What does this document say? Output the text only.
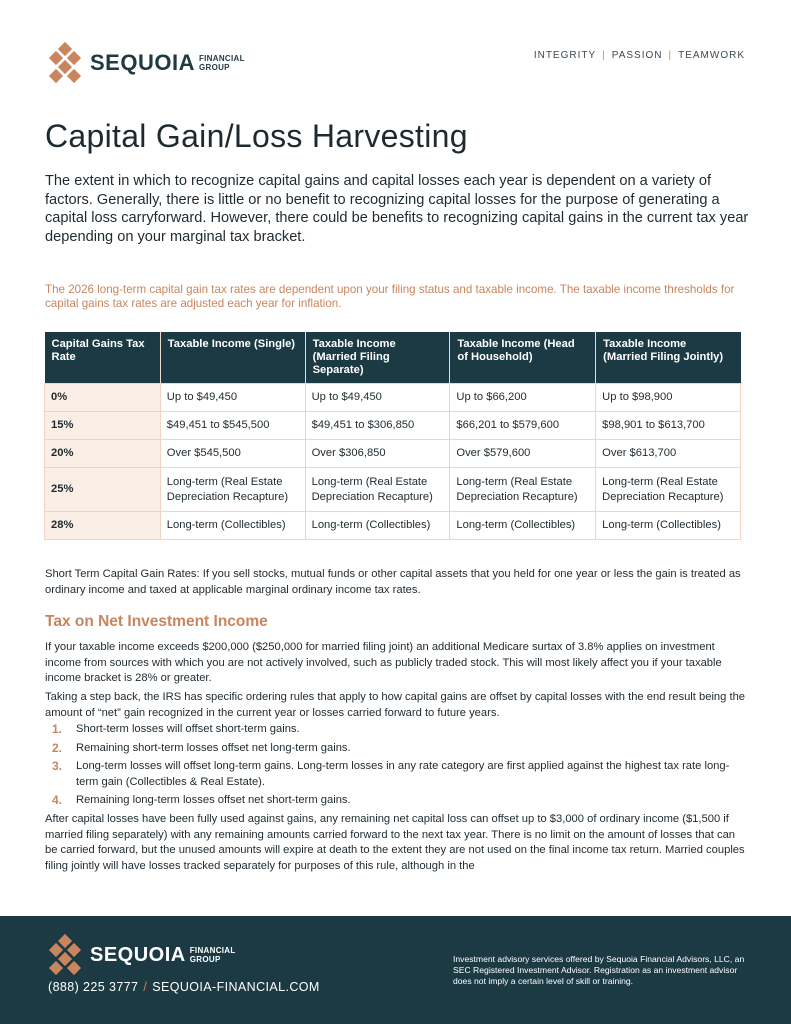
SEQUOIA FINANCIAL
GROUP
INTEGRITY | PASSION | TEAMWORK
Capital Gain/Loss Harvesting

The extent in which to recognize capital gains and capital losses each year is dependent on a variety of factors. Generally, there is little or no benefit to recognizing capital losses for the purpose of generating a capital loss carryforward. However, there could be benefits to recognizing capital gains in the current tax year depending on your marginal tax bracket.

The 2026 long-term capital gain tax rates are dependent upon your filing status and taxable income. The taxable income thresholds for capital gains tax rates are adjusted each year for inflation.

Capital Gains Tax Rate	Taxable Income (Single)	Taxable Income (Married Filing Separate)	Taxable Income (Head of Household)	Taxable Income (Married Filing Jointly)
0%	Up to $49,450	Up to $49,450	Up to $66,200	Up to $98,900
15%	$49,451 to $545,500	$49,451 to $306,850	$66,201 to $579,600	$98,901 to $613,700
20%	Over $545,500	Over $306,850	Over $579,600	Over $613,700
25%	Long-term (Real Estate Depreciation Recapture)	Long-term (Real Estate Depreciation Recapture)	Long-term (Real Estate Depreciation Recapture)	Long-term (Real Estate Depreciation Recapture)
28%	Long-term (Collectibles)	Long-term (Collectibles)	Long-term (Collectibles)	Long-term (Collectibles)

Short Term Capital Gain Rates: If you sell stocks, mutual funds or other capital assets that you held for one year or less the gain is treated as ordinary income and taxed at applicable marginal ordinary income tax rates.

Tax on Net Investment Income

If your taxable income exceeds $200,000 ($250,000 for married filing joint) an additional Medicare surtax of 3.8% applies on investment income from sources with which you are not actively involved, such as publicly traded stock. This will most likely affect you if your taxable income bracket is 28% or greater.

Taking a step back, the IRS has specific ordering rules that apply to how capital gains are offset by capital losses with the end result being the amount of “net” gain recognized in the current year or losses carried forward to future years.

1.	Short-term losses will offset short-term gains.
2.	Remaining short-term losses offset net long-term gains.
3.	Long-term losses will offset long-term gains. Long-term losses in any rate category are first applied against the highest tax rate long-term gain (Collectibles & Real Estate).
4.	Remaining long-term losses offset net short-term gains.

After capital losses have been fully used against gains, any remaining net capital loss can offset up to $3,000 of ordinary income ($1,500 if married filing separately) with any remaining amounts carried forward to the next tax year. There is no limit on the amount of losses that can be carried forward, but the unused amounts will expire at death to the extent they are not used on the final income tax return. Married couples filing jointly will have losses tracked separately for purposes of this rule, although in the

SEQUOIA FINANCIAL
GROUP
(888) 225 3777 / SEQUOIA-FINANCIAL.COM

Investment advisory services offered by Sequoia Financial Advisors, LLC, an SEC Registered Investment Advisor. Registration as an investment advisor does not imply a certain level of skill or training.
